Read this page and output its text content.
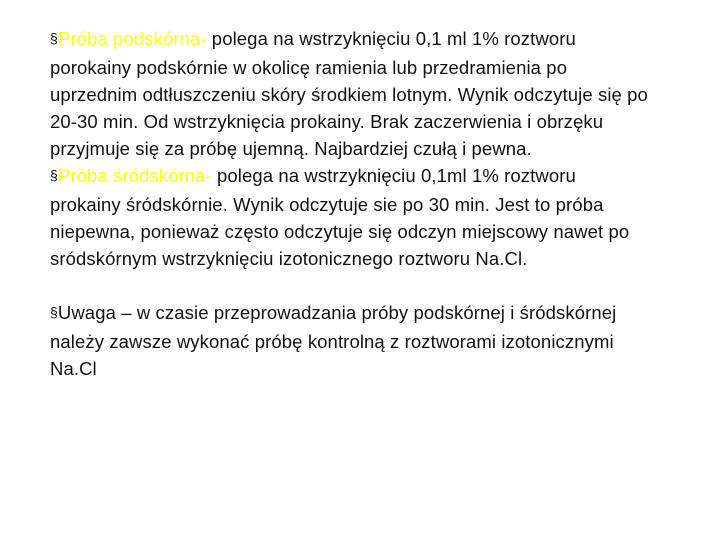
§Próba podskórna- polega na wstrzyknięciu 0,1 ml 1% roztworu porokainy podskórnie w okolicę ramienia lub przedramienia po uprzednim odtłuszczeniu skóry środkiem lotnym. Wynik odczytuje się po 20-30 min. Od wstrzyknięcia prokainy. Brak zaczerwienia i obrzęku przyjmuje się za próbę ujemną. Najbardziej czułą i pewna.

§Próba śródskórna- polega na wstrzyknięciu 0,1ml 1% roztworu prokainy śródskórnie. Wynik odczytuje sie po 30 min. Jest to próba niepewna, ponieważ często odczytuje się odczyn miejscowy nawet po sródskórnym wstrzyknięciu izotonicznego roztworu Na.Cl.

§Uwaga – w czasie przeprowadzania próby podskórnej i śródskórnej należy zawsze wykonać próbę kontrolną z roztworami izotonicznymi Na.Cl
